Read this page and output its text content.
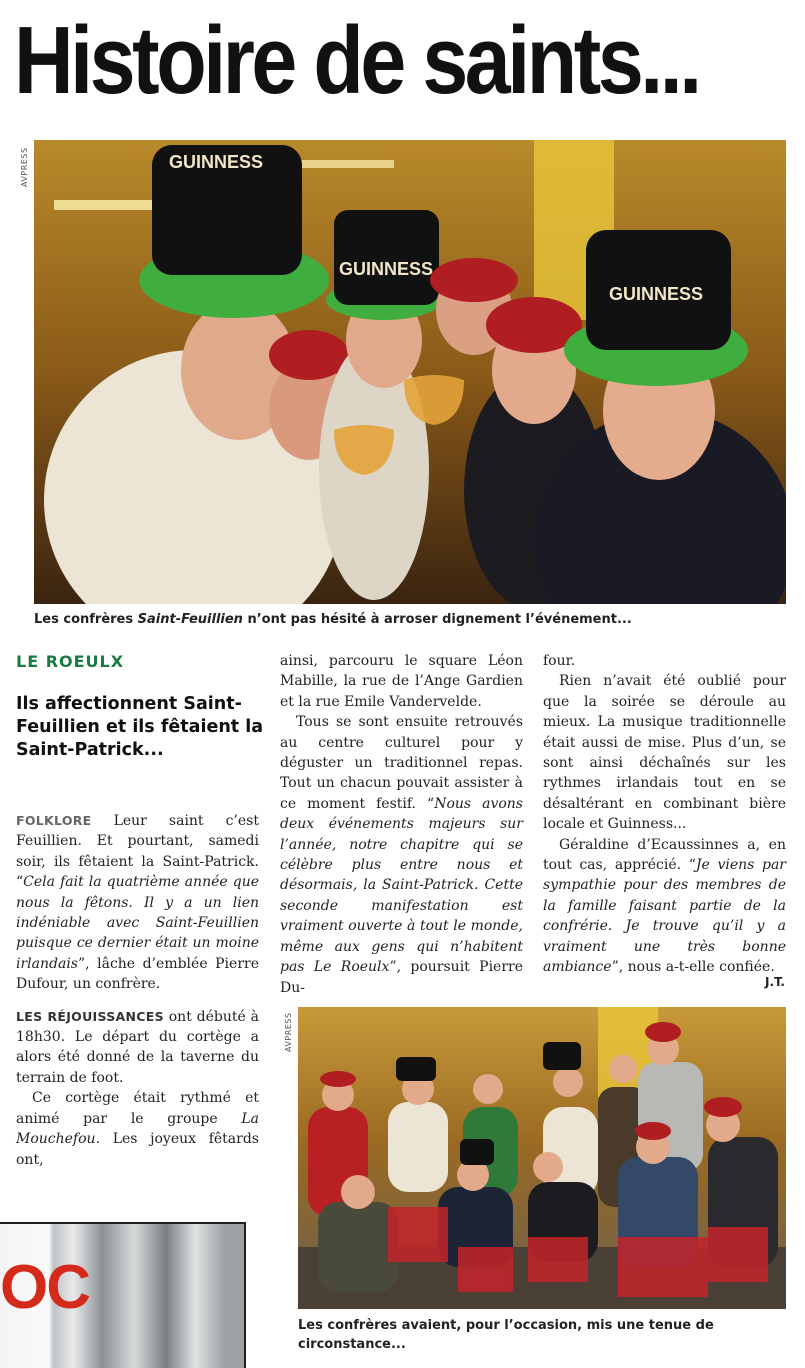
Histoire de saints...
AVPRESS	GUINNESS
GUINNESS
GUINNESS
Les confrères Saint-Feuillien n’ont pas hésité à arroser dignement l’événement...
LE ROEULX
Ils affectionnent Saint-Feuillien et ils fêtaient la Saint-Patrick...

FOLKLORE Leur saint c’est Feuillien. Et pourtant, samedi soir, ils fêtaient la Saint-Patrick. “Cela fait la quatrième année que nous la fêtons. Il y a un lien indéniable avec Saint-Feuillien puisque ce dernier était un moine irlandais”, lâche d’emblée Pierre Dufour, un confrère.

LES RÉJOUISSANCES ont débuté à 18h30. Le départ du cortège a alors été donné de la taverne du terrain de foot.

Ce cortège était rythmé et animé par le groupe La Mouchefou. Les joyeux fêtards ont,

ainsi, parcouru le square Léon Mabille, la rue de l’Ange Gardien et la rue Emile Vandervelde.

Tous se sont ensuite retrouvés au centre culturel pour y déguster un traditionnel repas. Tout un chacun pouvait assister à ce moment festif. “Nous avons deux événements majeurs sur l’année, notre chapitre qui se célèbre plus entre nous et désormais, la Saint-Patrick. Cette seconde manifestation est vraiment ouverte à tout le monde, même aux gens qui n’habitent pas Le Roeulx”, poursuit Pierre Du-

four.

Rien n’avait été oublié pour que la soirée se déroule au mieux. La musique traditionnelle était aussi de mise. Plus d’un, se sont ainsi déchaînés sur les rythmes irlandais tout en se désaltérant en combinant bière locale et Guinness...

Géraldine d’Ecaussinnes a, en tout cas, apprécié. “Je viens par sympathie pour des membres de la famille faisant partie de la confrérie. Je trouve qu’il y a vraiment une très bonne ambiance”, nous a-t-elle confiée.

J.T.
AVPRESS
Les confrères avaient, pour l’occasion, mis une tenue de circonstance...
OC
